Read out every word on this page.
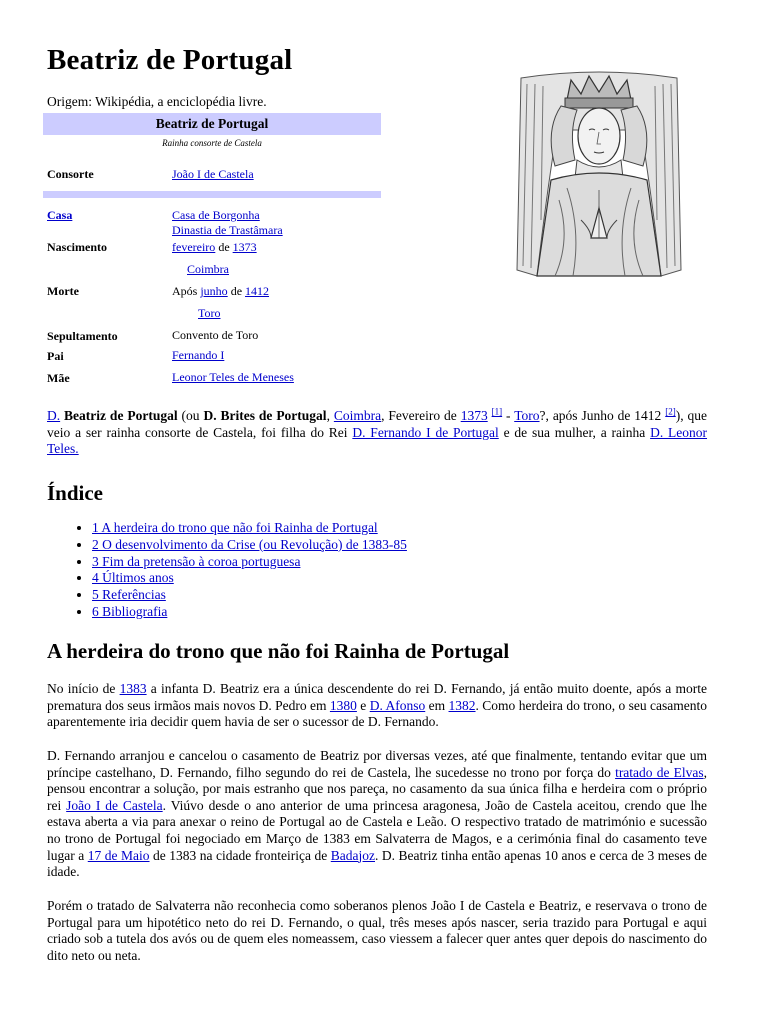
Beatriz de Portugal
Origem: Wikipédia, a enciclopédia livre.
Beatriz de Portugal
Rainha consorte de Castela
Consorte	João I de Castela
Casa	Casa de Borgonha
Dinastia de Trastâmara
Nascimento	fevereiro de 1373
Coimbra
Morte	Após junho de 1412
Toro
Sepultamento	Convento de Toro
Pai	Fernando I
Mãe	Leonor Teles de Meneses

D. Beatriz de Portugal (ou D. Brites de Portugal, Coimbra, Fevereiro de 1373 [1] - Toro?, após Junho de 1412 [2]), que veio a ser rainha consorte de Castela, foi filha do Rei D. Fernando I de Portugal e de sua mulher, a rainha D. Leonor Teles.

Índice
• 1 A herdeira do trono que não foi Rainha de Portugal
• 2 O desenvolvimento da Crise (ou Revolução) de 1383-85
• 3 Fim da pretensão à coroa portuguesa
• 4 Últimos anos
• 5 Referências
• 6 Bibliografia
A herdeira do trono que não foi Rainha de Portugal

No início de 1383 a infanta D. Beatriz era a única descendente do rei D. Fernando, já então muito doente, após a morte prematura dos seus irmãos mais novos D. Pedro em 1380 e D. Afonso em 1382. Como herdeira do trono, o seu casamento aparentemente iria decidir quem havia de ser o sucessor de D. Fernando.

D. Fernando arranjou e cancelou o casamento de Beatriz por diversas vezes, até que finalmente, tentando evitar que um príncipe castelhano, D. Fernando, filho segundo do rei de Castela, lhe sucedesse no trono por força do tratado de Elvas, pensou encontrar a solução, por mais estranho que nos pareça, no casamento da sua única filha e herdeira com o próprio rei João I de Castela. Viúvo desde o ano anterior de uma princesa aragonesa, João de Castela aceitou, crendo que lhe estava aberta a via para anexar o reino de Portugal ao de Castela e Leão. O respectivo tratado de matrimónio e sucessão no trono de Portugal foi negociado em Março de 1383 em Salvaterra de Magos, e a cerimónia final do casamento teve lugar a 17 de Maio de 1383 na cidade fronteiriça de Badajoz. D. Beatriz tinha então apenas 10 anos e cerca de 3 meses de idade.

Porém o tratado de Salvaterra não reconhecia como soberanos plenos João I de Castela e Beatriz, e reservava o trono de Portugal para um hipotético neto do rei D. Fernando, o qual, três meses após nascer, seria trazido para Portugal e aqui criado sob a tutela dos avós ou de quem eles nomeassem, caso viessem a falecer quer antes quer depois do nascimento do dito neto ou neta.
